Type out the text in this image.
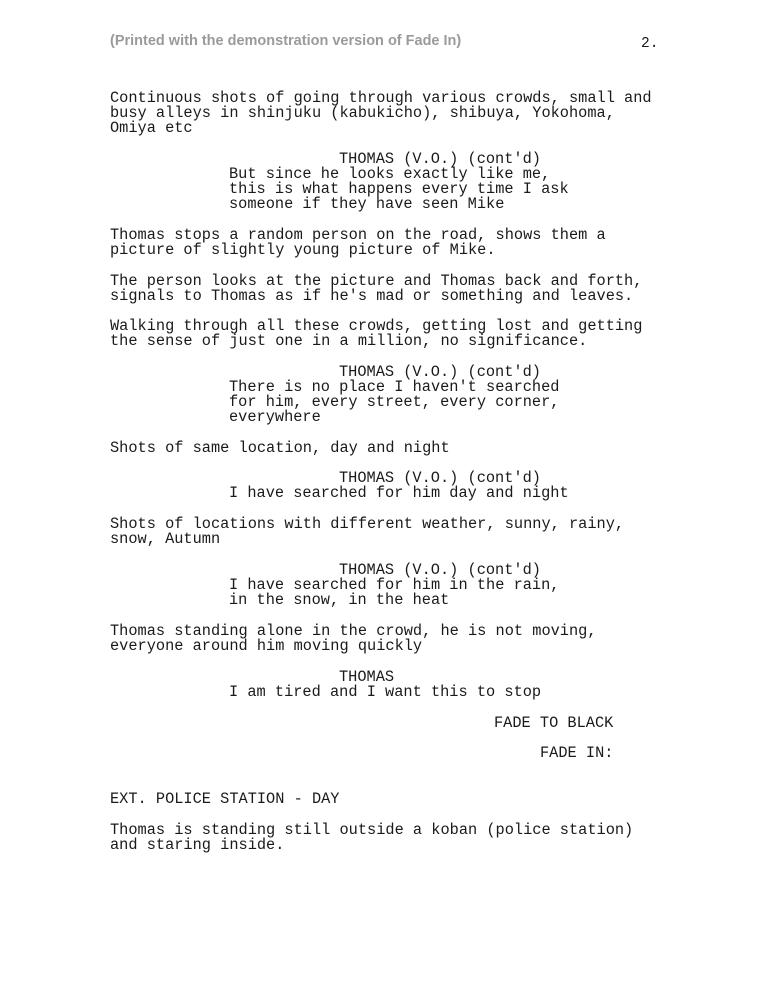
(Printed with the demonstration version of Fade In)	2.
Continuous shots of going through various crowds, small and
busy alleys in shinjuku (kabukicho), shibuya, Yokohoma,
Omiya etc
THOMAS (V.O.) (cont'd)
But since he looks exactly like me,
this is what happens every time I ask
someone if they have seen Mike
Thomas stops a random person on the road, shows them a
picture of slightly young picture of Mike.
The person looks at the picture and Thomas back and forth,
signals to Thomas as if he's mad or something and leaves.
Walking through all these crowds, getting lost and getting
the sense of just one in a million, no significance.
THOMAS (V.O.) (cont'd)
There is no place I haven't searched
for him, every street, every corner,
everywhere
Shots of same location, day and night
THOMAS (V.O.) (cont'd)
I have searched for him day and night
Shots of locations with different weather, sunny, rainy,
snow, Autumn
THOMAS (V.O.) (cont'd)
I have searched for him in the rain,
in the snow, in the heat
Thomas standing alone in the crowd, he is not moving,
everyone around him moving quickly
THOMAS
I am tired and I want this to stop
FADE TO BLACK
FADE IN:
EXT. POLICE STATION - DAY
Thomas is standing still outside a koban (police station)
and staring inside.
